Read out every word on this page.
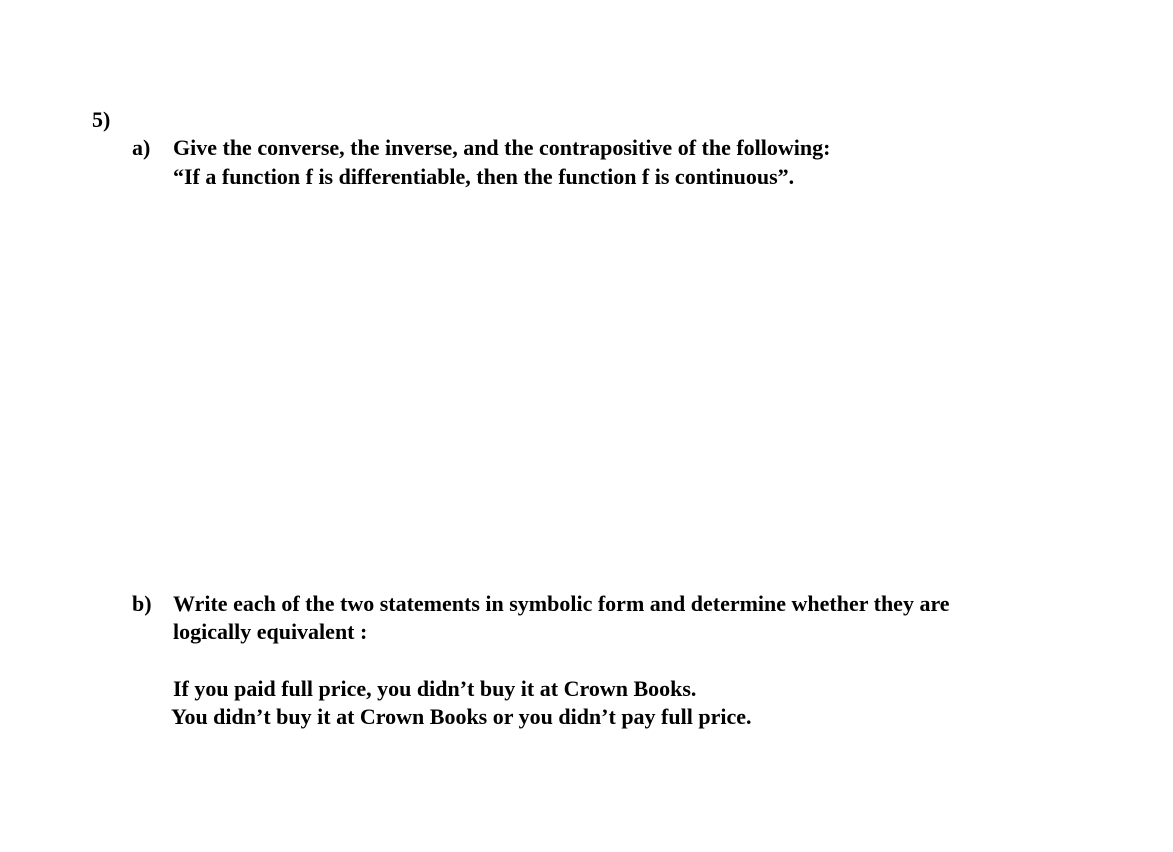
5)
a) Give the converse, the inverse, and the contrapositive of the following:
“If a function f is differentiable, then the function f is continuous”.
b) Write each of the two statements in symbolic form and determine whether they are
logically equivalent :
If you paid full price, you didn’t buy it at Crown Books.
You didn’t buy it at Crown Books or you didn’t pay full price.
